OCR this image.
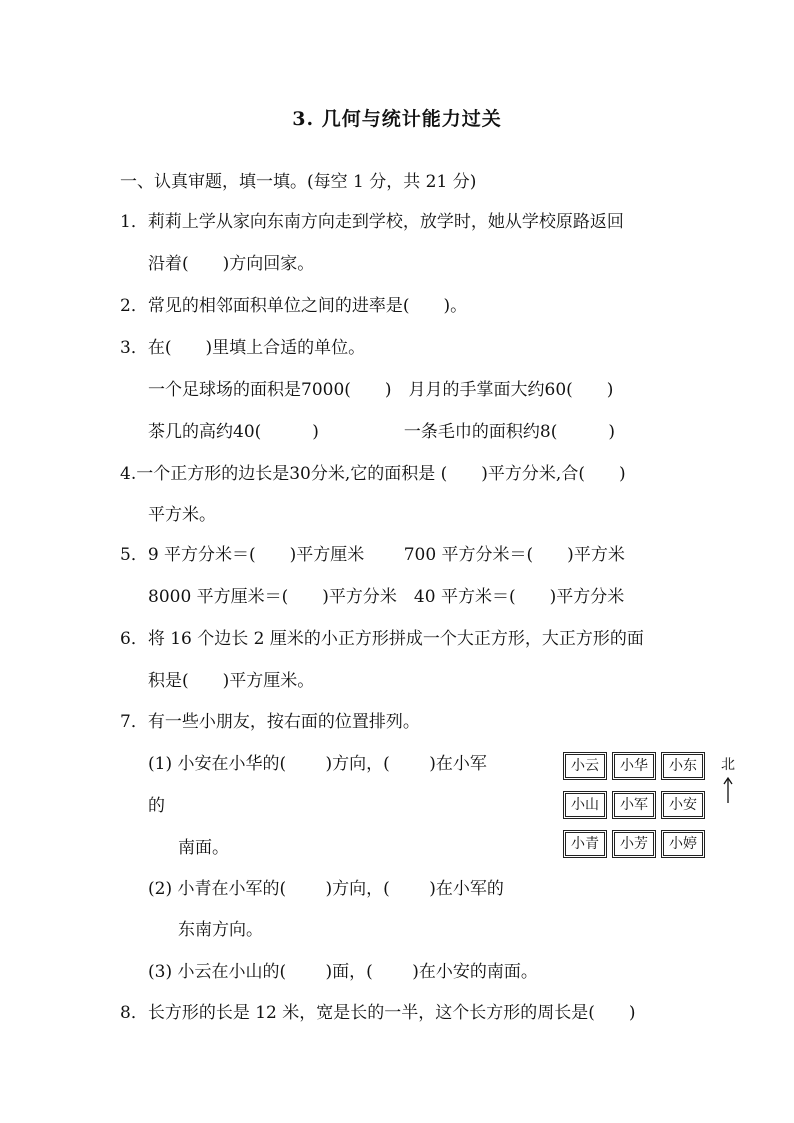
3. 几何与统计能力过关
一、认真审题，填一填。(每空 1 分，共 21 分)
1．莉莉上学从家向东南方向走到学校，放学时，她从学校原路返回
沿着(　　)方向回家。
2．常见的相邻面积单位之间的进率是(　　)。
3．在(　　)里填上合适的单位。
一个足球场的面积是7000(　　)　月月的手掌面大约60(　　)
茶几的高约40(　　　)　　　　　一条毛巾的面积约8(　　　)
4.一个正方形的边长是30分米,它的面积是 (　　)平方分米,合(　　)
平方米。
5．9 平方分米＝(　　)平方厘米　　 700 平方分米＝(　　)平方米
8000 平方厘米＝(　　)平方分米　40 平方米＝(　　)平方分米
6．将 16 个边长 2 厘米的小正方形拼成一个大正方形，大正方形的面
积是(　　)平方厘米。
7．有一些小朋友，按右面的位置排列。
(1) 小安在小华的(　　 )方向，(　　 )在小军
的
南面。
(2) 小青在小军的(　　 )方向，(　　 )在小军的
东南方向。
(3) 小云在小山的(　　 )面，(　　 )在小安的南面。
8．长方形的长是 12 米，宽是长的一半，这个长方形的周长是(　　)
小云	小华	小东
小山	小军	小安
小青	小芳	小婷
北
